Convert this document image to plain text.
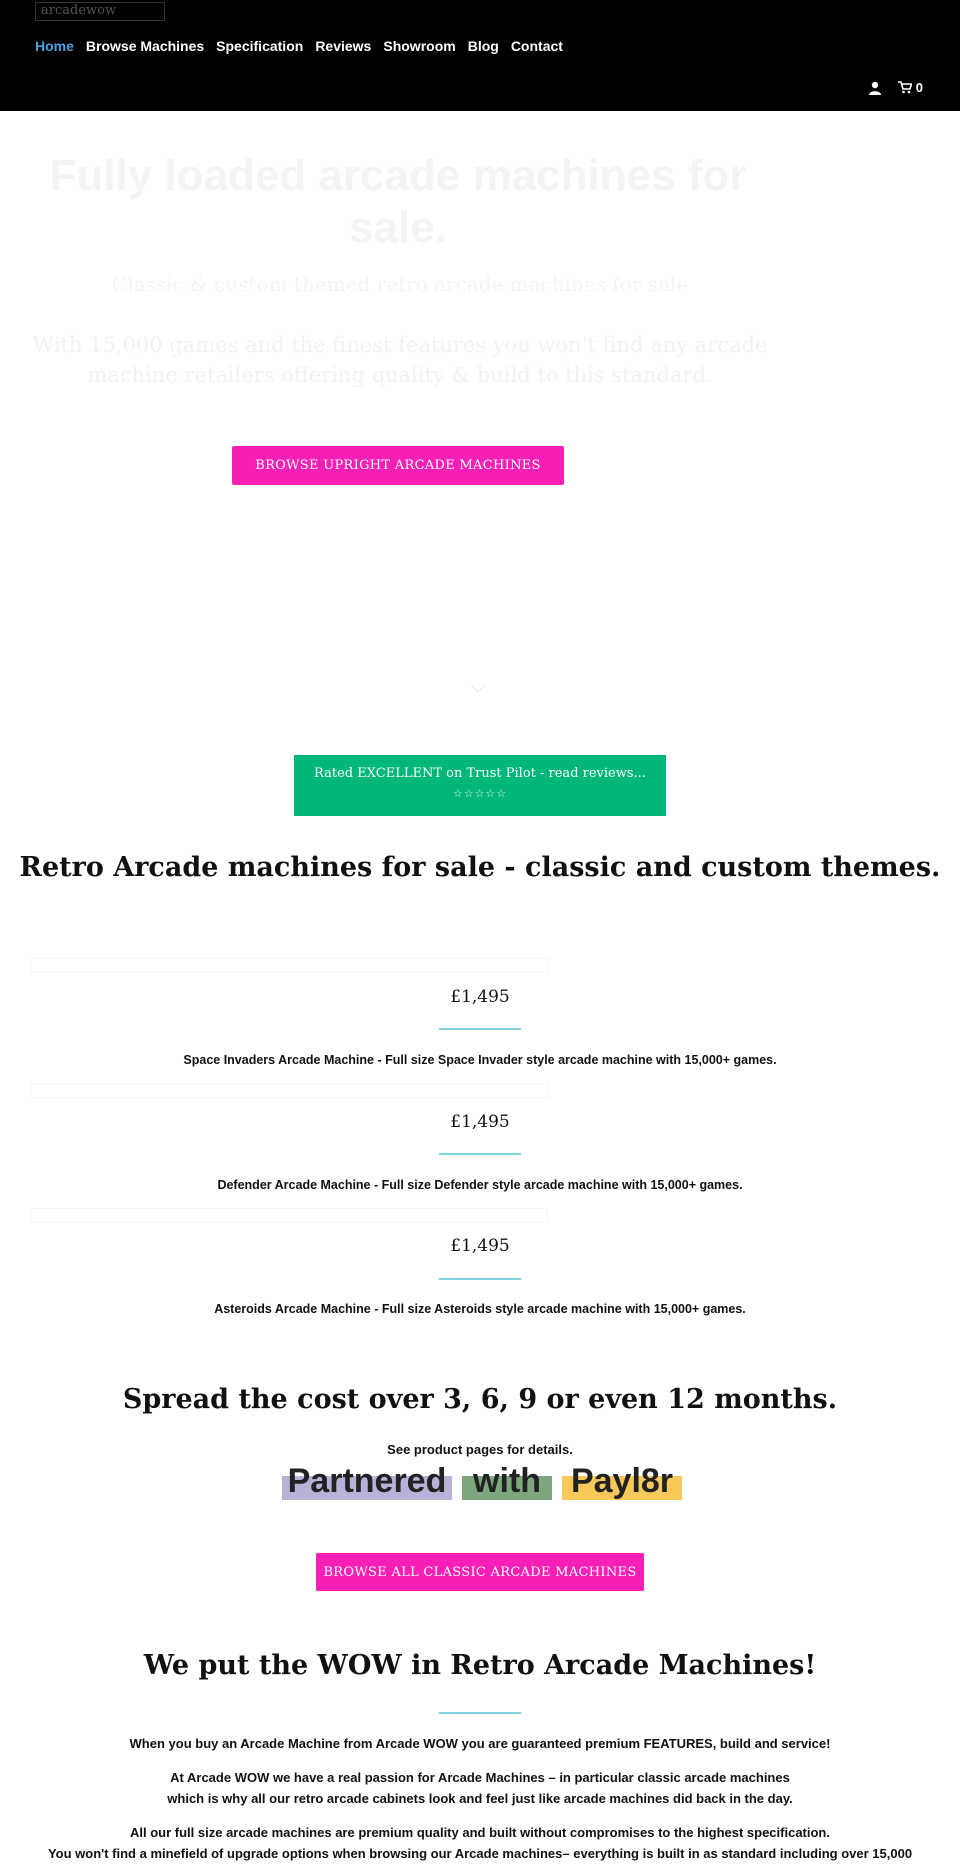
arcadewow
Home Browse Machines Specification Reviews Showroom Blog Contact
0
Fully loaded arcade machines for sale.

Classic & custom themed retro arcade machines for sale

With 15,000 games and the finest features you won't find any arcade machine retailers offering quality & build to this standard.

BROWSE UPRIGHT ARCADE MACHINES
Rated EXCELLENT on Trust Pilot - read reviews...
☆☆☆☆☆
Retro Arcade machines for sale - classic and custom themes.
£1,495
Space Invaders Arcade Machine - Full size Space Invader style arcade machine with 15,000+ games.
£1,495
Defender Arcade Machine - Full size Defender style arcade machine with 15,000+ games.
£1,495
Asteroids Arcade Machine - Full size Asteroids style arcade machine with 15,000+ games.
Spread the cost over 3, 6, 9 or even 12 months.

See product pages for details.

Partnered with Payl8r
BROWSE ALL CLASSIC ARCADE MACHINES
We put the WOW in Retro Arcade Machines!

When you buy an Arcade Machine from Arcade WOW you are guaranteed premium FEATURES, build and service!

At Arcade WOW we have a real passion for Arcade Machines – in particular classic arcade machines

which is why all our retro arcade cabinets look and feel just like arcade machines did back in the day.

All our full size arcade machines are premium quality and built without compromises to the highest specification.

You won't find a minefield of upgrade options when browsing our Arcade machines– everything is built in as standard including over 15,000
